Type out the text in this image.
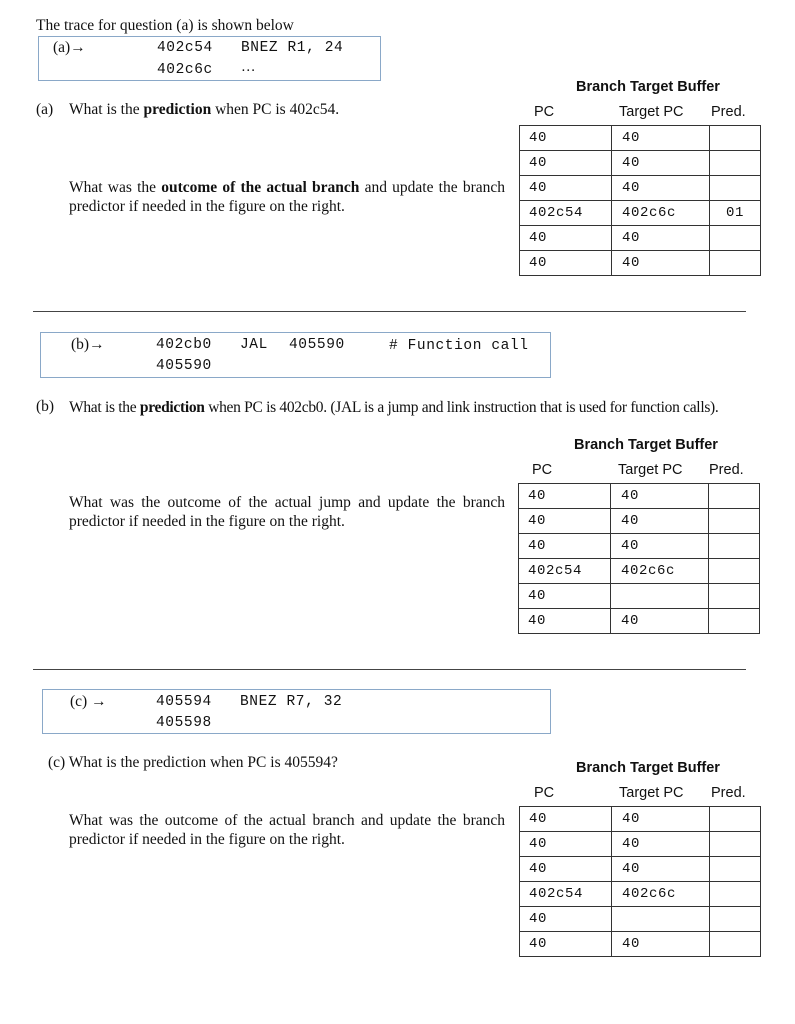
The trace for question (a) is shown below
(a)→	402c54 BNEZ R1, 24
402c6c …
(a) What is the prediction when PC is 402c54.
What was the outcome of the actual branch and update the branch predictor if needed in the figure on the right.
Branch Target Buffer
PC	Target PC Pred.
40	40	
40	40	
40	40	
402c54	402c6c	01
40	40	
40	40	
(b)→	402cb0 JAL 405590	# Function call
405590
(b) What is the prediction when PC is 402cb0. (JAL is a jump and link instruction that is used for function calls).
What was the outcome of the actual jump and update the branch predictor if needed in the figure on the right.
Branch Target Buffer
PC	Target PC Pred.
40	40	
40	40	
40	40	
402c54	402c6c	
40		
40	40	
(c) →	405594 BNEZ R7, 32
405598
(c) What is the prediction when PC is 405594?
What was the outcome of the actual branch and update the branch predictor if needed in the figure on the right.
Branch Target Buffer
PC	Target PC Pred.
40	40	
40	40	
40	40	
402c54	402c6c	
40		
40	40	
